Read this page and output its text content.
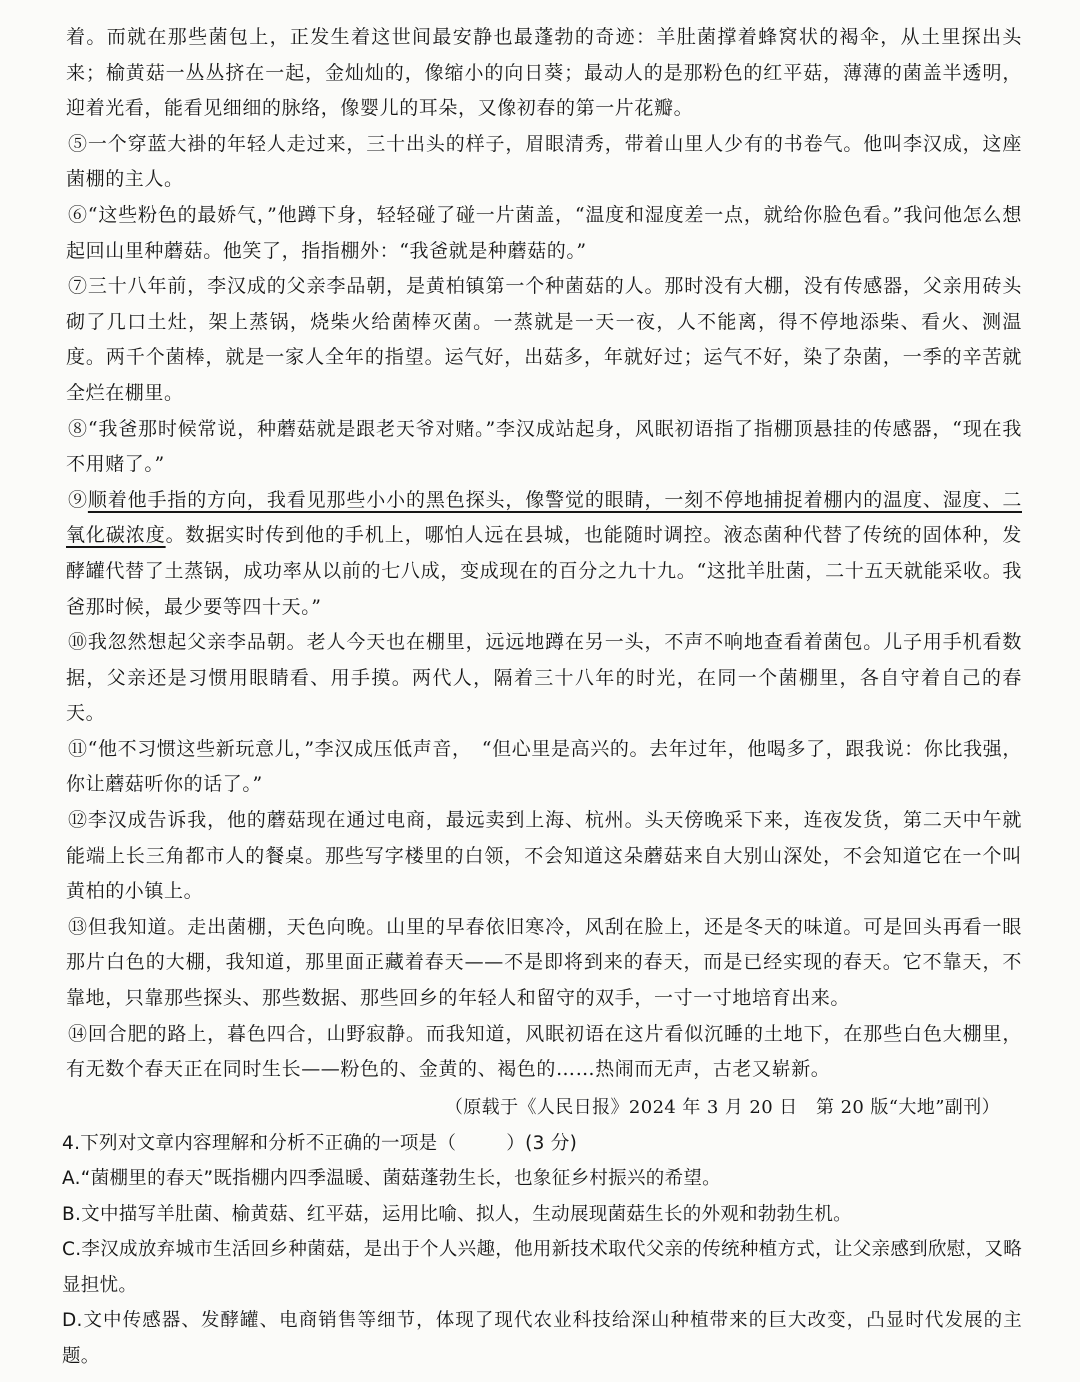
着。而就在那些菌包上，正发生着这世间最安静也最蓬勃的奇迹：羊肚菌撑着蜂窝状的褐伞，从土里探出头来；榆黄菇一丛丛挤在一起，金灿灿的，像缩小的向日葵；最动人的是那粉色的红平菇，薄薄的菌盖半透明，迎着光看，能看见细细的脉络，像婴儿的耳朵，又像初春的第一片花瓣。

⑤一个穿蓝大褂的年轻人走过来，三十出头的样子，眉眼清秀，带着山里人少有的书卷气。他叫李汉成，这座菌棚的主人。

⑥“这些粉色的最娇气，”他蹲下身，轻轻碰了碰一片菌盖，“温度和湿度差一点，就给你脸色看。”我问他怎么想起回山里种蘑菇。他笑了，指指棚外：“我爸就是种蘑菇的。”

⑦三十八年前，李汉成的父亲李品朝，是黄柏镇第一个种菌菇的人。那时没有大棚，没有传感器，父亲用砖头砌了几口土灶，架上蒸锅，烧柴火给菌棒灭菌。一蒸就是一天一夜，人不能离，得不停地添柴、看火、测温度。两千个菌棒，就是一家人全年的指望。运气好，出菇多，年就好过；运气不好，染了杂菌，一季的辛苦就全烂在棚里。

⑧“我爸那时候常说，种蘑菇就是跟老天爷对赌。”李汉成站起身，风眠初语指了指棚顶悬挂的传感器，“现在我不用赌了。”

⑨顺着他手指的方向，我看见那些小小的黑色探头，像警觉的眼睛，一刻不停地捕捉着棚内的温度、湿度、二氧化碳浓度。数据实时传到他的手机上，哪怕人远在县城，也能随时调控。液态菌种代替了传统的固体种，发酵罐代替了土蒸锅，成功率从以前的七八成，变成现在的百分之九十九。“这批羊肚菌，二十五天就能采收。我爸那时候，最少要等四十天。”

⑩我忽然想起父亲李品朝。老人今天也在棚里，远远地蹲在另一头，不声不响地查看着菌包。儿子用手机看数据，父亲还是习惯用眼睛看、用手摸。两代人，隔着三十八年的时光，在同一个菌棚里，各自守着自己的春天。

⑪“他不习惯这些新玩意儿，”李汉成压低声音，　“但心里是高兴的。去年过年，他喝多了，跟我说：你比我强，你让蘑菇听你的话了。”

⑫李汉成告诉我，他的蘑菇现在通过电商，最远卖到上海、杭州。头天傍晚采下来，连夜发货，第二天中午就能端上长三角都市人的餐桌。那些写字楼里的白领，不会知道这朵蘑菇来自大别山深处，不会知道它在一个叫黄柏的小镇上。

⑬但我知道。走出菌棚，天色向晚。山里的早春依旧寒冷，风刮在脸上，还是冬天的味道。可是回头再看一眼那片白色的大棚，我知道，那里面正藏着春天——不是即将到来的春天，而是已经实现的春天。它不靠天，不靠地，只靠那些探头、那些数据、那些回乡的年轻人和留守的双手，一寸一寸地培育出来。

⑭回合肥的路上，暮色四合，山野寂静。而我知道，风眠初语在这片看似沉睡的土地下，在那些白色大棚里，有无数个春天正在同时生长——粉色的、金黄的、褐色的……热闹而无声，古老又崭新。

（原载于《人民日报》2024 年 3 月 20 日　第 20 版“大地”副刊）

4.下列对文章内容理解和分析不正确的一项是（	）(3 分)

A.“菌棚里的春天”既指棚内四季温暖、菌菇蓬勃生长，也象征乡村振兴的希望。

B.文中描写羊肚菌、榆黄菇、红平菇，运用比喻、拟人，生动展现菌菇生长的外观和勃勃生机。

C.李汉成放弃城市生活回乡种菌菇，是出于个人兴趣，他用新技术取代父亲的传统种植方式，让父亲感到欣慰，又略显担忧。

D.文中传感器、发酵罐、电商销售等细节，体现了现代农业科技给深山种植带来的巨大改变，凸显时代发展的主题。
